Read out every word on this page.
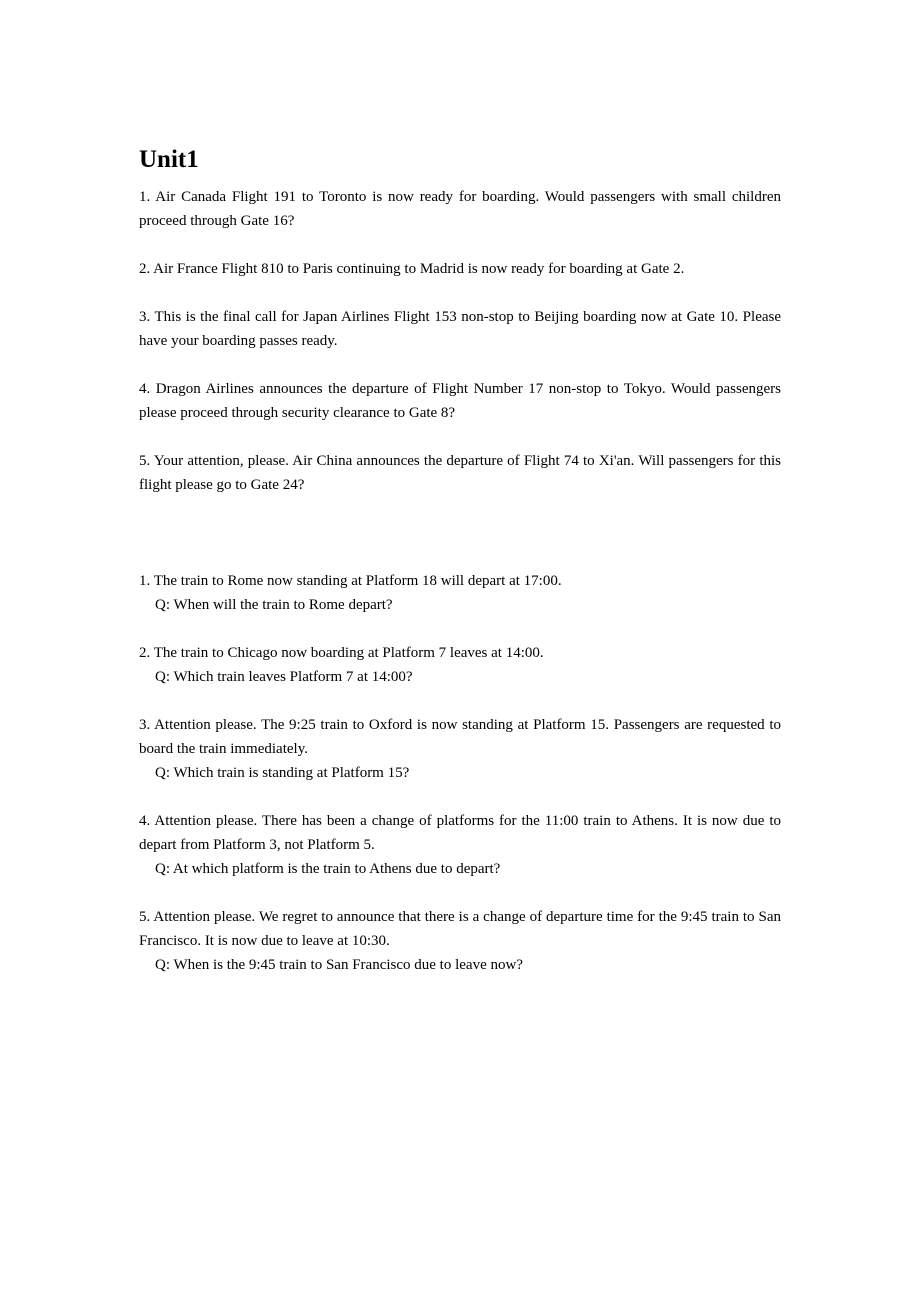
Unit1

1. Air Canada Flight 191 to Toronto is now ready for boarding. Would passengers with small children proceed through Gate 16?

2. Air France Flight 810 to Paris continuing to Madrid is now ready for boarding at Gate 2.

3. This is the final call for Japan Airlines Flight 153 non-stop to Beijing boarding now at Gate 10. Please have your boarding passes ready.

4. Dragon Airlines announces the departure of Flight Number 17 non-stop to Tokyo. Would passengers please proceed through security clearance to Gate 8?

5. Your attention, please. Air China announces the departure of Flight 74 to Xi'an. Will passengers for this flight please go to Gate 24?

1. The train to Rome now standing at Platform 18 will depart at 17:00.

Q: When will the train to Rome depart?

2. The train to Chicago now boarding at Platform 7 leaves at 14:00.

Q: Which train leaves Platform 7 at 14:00?

3. Attention please. The 9:25 train to Oxford is now standing at Platform 15. Passengers are requested to board the train immediately.

Q: Which train is standing at Platform 15?

4. Attention please. There has been a change of platforms for the 11:00 train to Athens. It is now due to depart from Platform 3, not Platform 5.

Q: At which platform is the train to Athens due to depart?

5. Attention please. We regret to announce that there is a change of departure time for the 9:45 train to San Francisco. It is now due to leave at 10:30.

Q: When is the 9:45 train to San Francisco due to leave now?
